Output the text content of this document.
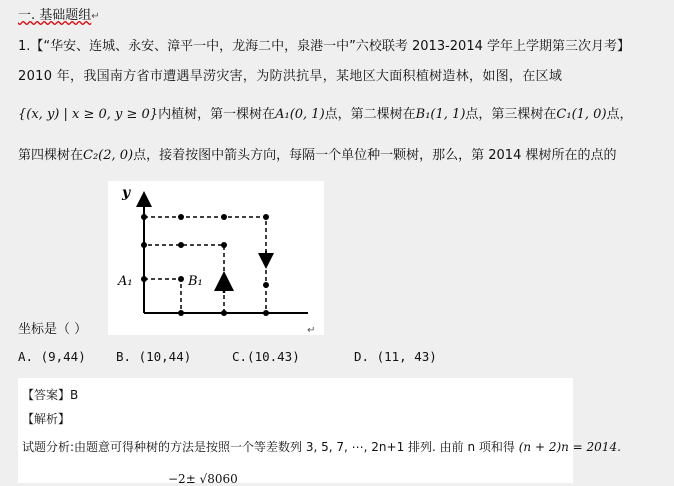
一. 基础题组↵
1.【“华安、连城、永安、漳平一中，龙海二中，泉港一中”六校联考 2013-2014 学年上学期第三次月考】
2010 年，我国南方省市遭遇旱涝灾害，为防洪抗旱，某地区大面积植树造林，如图，在区域
{(x, y) | x ≥ 0, y ≥ 0}内植树，第一棵树在A₁(0, 1)点，第二棵树在B₁(1, 1)点，第三棵树在C₁(1, 0)点，
第四棵树在C₂(2, 0)点，接着按图中箭头方向，每隔一个单位种一颗树，那么，第 2014 棵树所在的点的
y
A₁	B₁
坐标是（ ）	↵
A. (9,44) B. (10,44)	C.(10.43)	D. (11, 43)
【答案】B
【解析】
试题分析:由题意可得种树的方法是按照一个等差数列 3, 5, 7, ⋯, 2n+1 排列. 由前 n 项和得 (n + 2)n = 2014.
−2± √8060
